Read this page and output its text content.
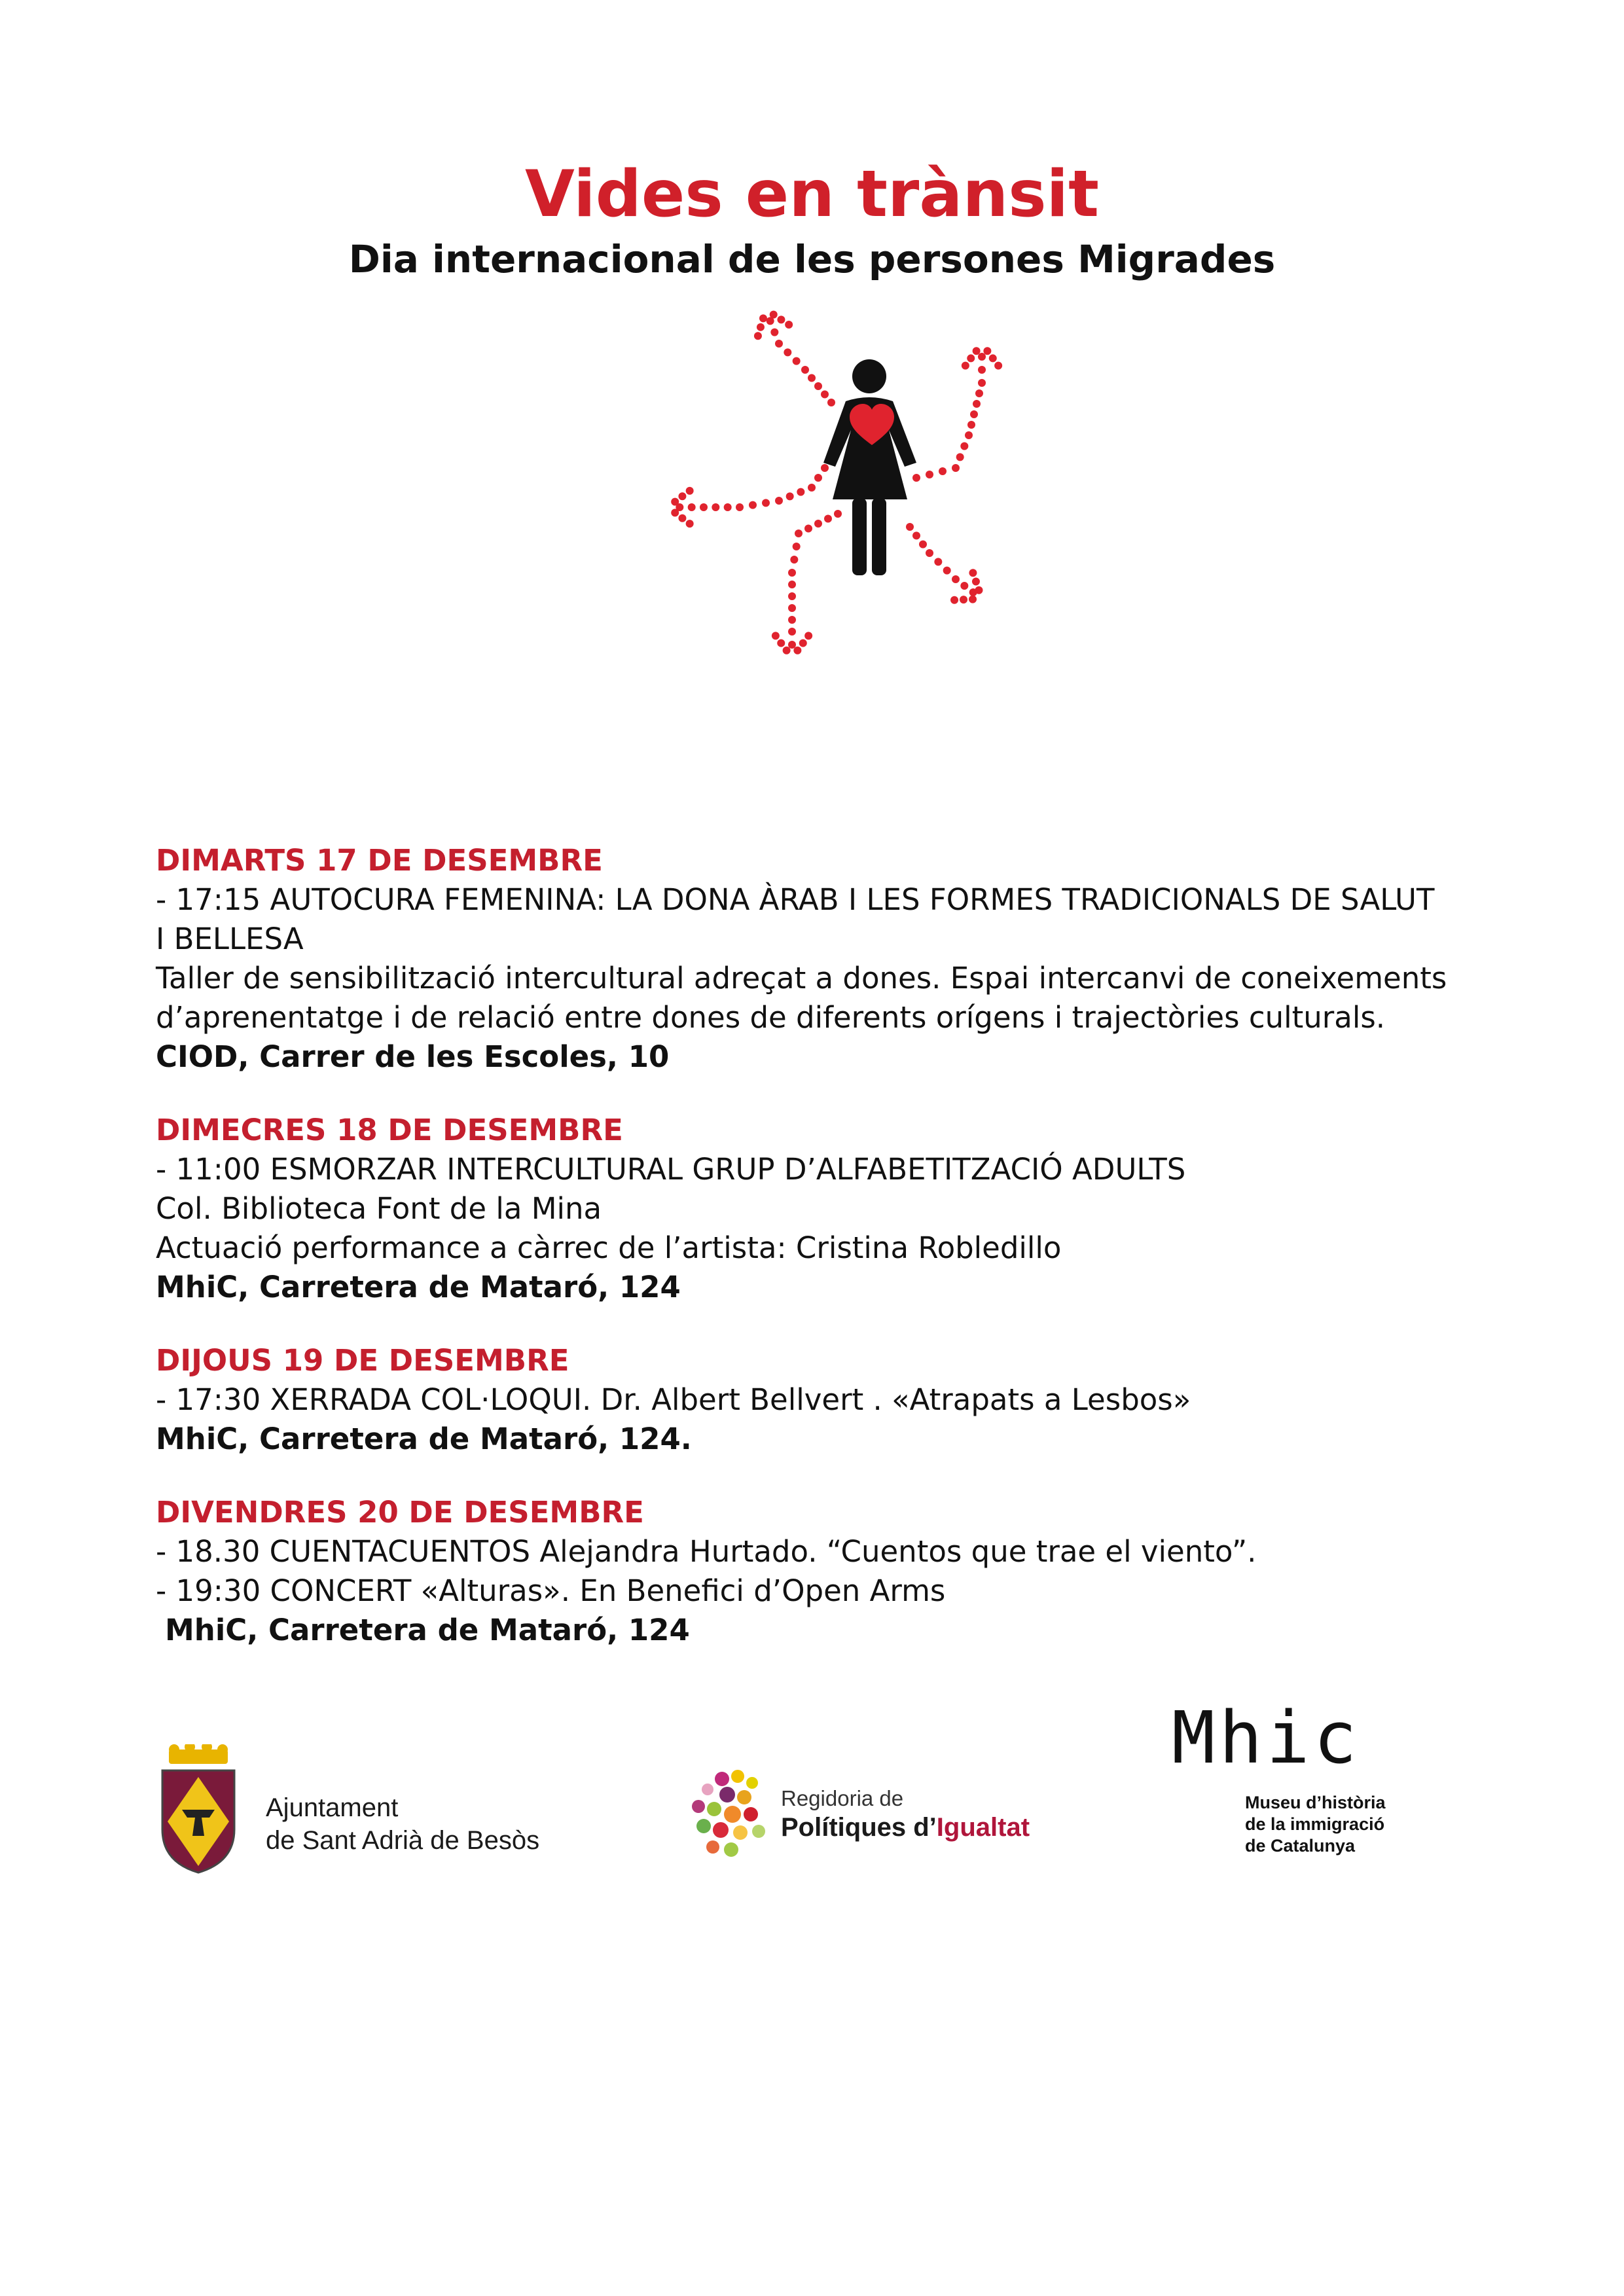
Vides en trànsit
Dia internacional de les persones Migrades

DIMARTS 17 DE DESEMBRE

- 17:15 AUTOCURA FEMENINA: LA DONA ÀRAB I LES FORMES TRADICIONALS DE SALUT

I BELLESA

Taller de sensibilització intercultural adreçat a dones. Espai intercanvi de coneixements

d’aprenentatge i de relació entre dones de diferents orígens i trajectòries culturals.

CIOD, Carrer de les Escoles, 10

DIMECRES 18 DE DESEMBRE

- 11:00 ESMORZAR INTERCULTURAL GRUP D’ALFABETITZACIÓ ADULTS

Col. Biblioteca Font de la Mina

Actuació performance a càrrec de l’artista: Cristina Robledillo

MhiC, Carretera de Mataró, 124

DIJOUS 19 DE DESEMBRE

- 17:30 XERRADA COL·LOQUI. Dr. Albert Bellvert . «Atrapats a Lesbos»

MhiC, Carretera de Mataró, 124.

DIVENDRES 20 DE DESEMBRE

- 18.30 CUENTACUENTOS Alejandra Hurtado. “Cuentos que trae el viento”.

- 19:30 CONCERT «Alturas». En Benefici d’Open Arms

MhiC, Carretera de Mataró, 124

Ajuntament
de Sant Adrià de Besòs
Regidoria de
Polítiques d’Igualtat
Mhic
Museu d’història
de la immigració
de Catalunya
